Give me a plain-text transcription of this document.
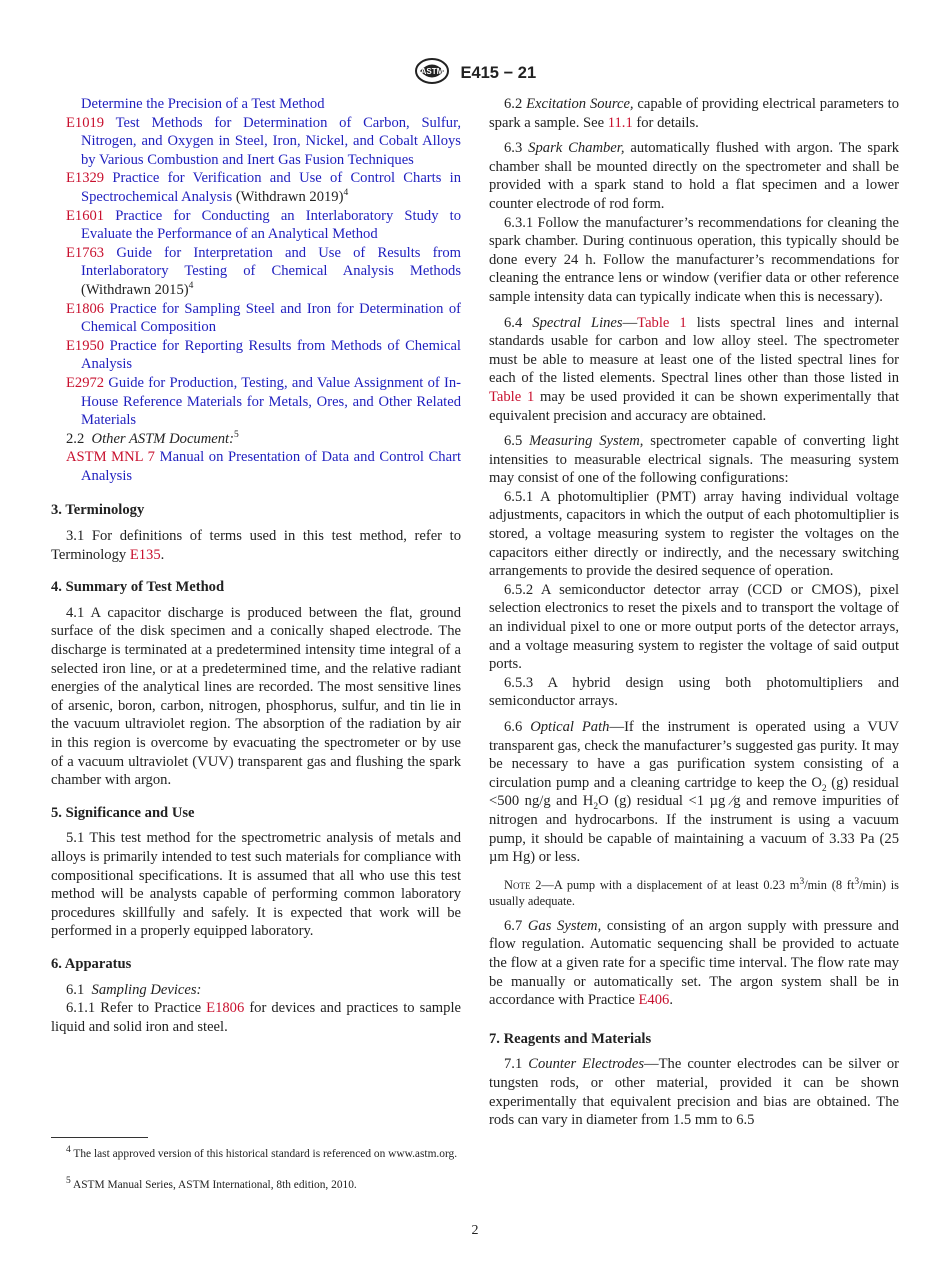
ASTM E415 − 21

Determine the Precision of a Test Method

E1019 Test Methods for Determination of Carbon, Sulfur, Nitrogen, and Oxygen in Steel, Iron, Nickel, and Cobalt Alloys by Various Combustion and Inert Gas Fusion Techniques

E1329 Practice for Verification and Use of Control Charts in Spectrochemical Analysis (Withdrawn 2019)$^4$

E1601 Practice for Conducting an Interlaboratory Study to Evaluate the Performance of an Analytical Method

E1763 Guide for Interpretation and Use of Results from Interlaboratory Testing of Chemical Analysis Methods (Withdrawn 2015)$^4$

E1806 Practice for Sampling Steel and Iron for Determination of Chemical Composition

E1950 Practice for Reporting Results from Methods of Chemical Analysis

E2972 Guide for Production, Testing, and Value Assignment of In-House Reference Materials for Metals, Ores, and Other Related Materials

2.2 Other ASTM Document:$^5$

ASTM MNL 7 Manual on Presentation of Data and Control Chart Analysis

3. Terminology

3.1 For definitions of terms used in this test method, refer to Terminology E135.

4. Summary of Test Method

4.1 A capacitor discharge is produced between the flat, ground surface of the disk specimen and a conically shaped electrode. The discharge is terminated at a predetermined intensity time integral of a selected iron line, or at a predetermined time, and the relative radiant energies of the analytical lines are recorded. The most sensitive lines of arsenic, boron, carbon, nitrogen, phosphorus, sulfur, and tin lie in the vacuum ultraviolet region. The absorption of the radiation by air in this region is overcome by evacuating the spectrometer or by use of a vacuum ultraviolet (VUV) transparent gas and flushing the spark chamber with argon.

5. Significance and Use

5.1 This test method for the spectrometric analysis of metals and alloys is primarily intended to test such materials for compliance with compositional specifications. It is assumed that all who use this test method will be analysts capable of performing common laboratory procedures skillfully and safely. It is expected that work will be performed in a properly equipped laboratory.

6. Apparatus

6.1 Sampling Devices:

6.1.1 Refer to Practice E1806 for devices and practices to sample liquid and solid iron and steel.

6.2 Excitation Source, capable of providing electrical parameters to spark a sample. See 11.1 for details.

6.3 Spark Chamber, automatically flushed with argon. The spark chamber shall be mounted directly on the spectrometer and shall be provided with a spark stand to hold a flat specimen and a lower counter electrode of rod form.

6.3.1 Follow the manufacturer’s recommendations for cleaning the spark chamber. During continuous operation, this typically should be done every 24 h. Follow the manufacturer’s recommendations for cleaning the entrance lens or window (verifier data or other reference sample intensity data can typically indicate when this is necessary).

6.4 Spectral Lines—Table 1 lists spectral lines and internal standards usable for carbon and low alloy steel. The spectrometer must be able to measure at least one of the listed spectral lines for each of the listed elements. Spectral lines other than those listed in Table 1 may be used provided it can be shown experimentally that equivalent precision and accuracy are obtained.

6.5 Measuring System, spectrometer capable of converting light intensities to measurable electrical signals. The measuring system may consist of one of the following configurations:

6.5.1 A photomultiplier (PMT) array having individual voltage adjustments, capacitors in which the output of each photomultiplier is stored, a voltage measuring system to register the voltages on the capacitors either directly or indirectly, and the necessary switching arrangements to provide the desired sequence of operation.

6.5.2 A semiconductor detector array (CCD or CMOS), pixel selection electronics to reset the pixels and to transport the voltage of an individual pixel to one or more output ports of the detector arrays, and a voltage measuring system to register the voltage of said output ports.

6.5.3 A hybrid design using both photomultipliers and semiconductor arrays.

6.6 Optical Path—If the instrument is operated using a VUV transparent gas, check the manufacturer’s suggested gas purity. It may be necessary to have a gas purification system consisting of a circulation pump and a cleaning cartridge to keep the $O_2$ (g) residual <500 ng/g and $H_2O$ (g) residual <1 µg ⁄g and remove impurities of nitrogen and hydrocarbons. If the instrument is using a vacuum pump, it should be capable of maintaining a vacuum of 3.33 Pa (25 µm Hg) or less.

Note 2—A pump with a displacement of at least 0.23 $m^3/\min$ (8 $ft^3/\min$) is usually adequate.

6.7 Gas System, consisting of an argon supply with pressure and flow regulation. Automatic sequencing shall be provided to actuate the flow at a given rate for a specific time interval. The flow rate may be manually or automatically set. The argon system shall be in accordance with Practice E406.

7. Reagents and Materials

7.1 Counter Electrodes—The counter electrodes can be silver or tungsten rods, or other material, provided it can be shown experimentally that equivalent precision and bias are obtained. The rods can vary in diameter from 1.5 mm to 6.5

$^4$ The last approved version of this historical standard is referenced on www.astm.org.

$^5$ ASTM Manual Series, ASTM International, 8th edition, 2010.

2
